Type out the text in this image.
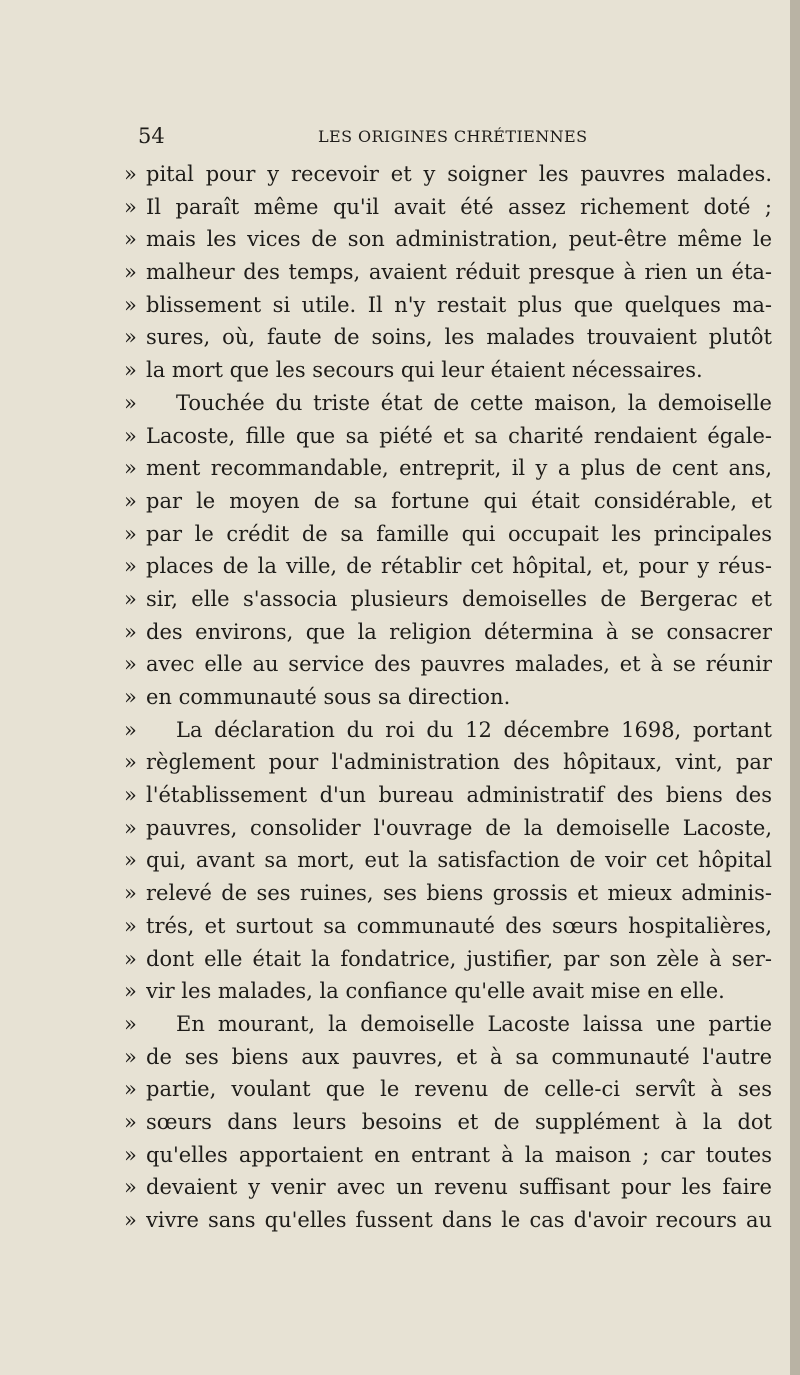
54	LES ORIGINES CHRÉTIENNES
» pital pour y recevoir et y soigner les pauvres malades.
» Il paraît même qu'il avait été assez richement doté ;
» mais les vices de son administration, peut-être même le
» malheur des temps, avaient réduit presque à rien un éta-
» blissement si utile. Il n'y restait plus que quelques ma-
» sures, où, faute de soins, les malades trouvaient plutôt
» la mort que les secours qui leur étaient nécessaires.
»	Touchée du triste état de cette maison, la demoiselle
» Lacoste, fille que sa piété et sa charité rendaient égale-
» ment recommandable, entreprit, il y a plus de cent ans,
» par le moyen de sa fortune qui était considérable, et
» par le crédit de sa famille qui occupait les principales
» places de la ville, de rétablir cet hôpital, et, pour y réus-
» sir, elle s'associa plusieurs demoiselles de Bergerac et
» des environs, que la religion détermina à se consacrer
» avec elle au service des pauvres malades, et à se réunir
» en communauté sous sa direction.
»	La déclaration du roi du 12 décembre 1698, portant
» règlement pour l'administration des hôpitaux, vint, par
» l'établissement d'un bureau administratif des biens des
» pauvres, consolider l'ouvrage de la demoiselle Lacoste,
» qui, avant sa mort, eut la satisfaction de voir cet hôpital
» relevé de ses ruines, ses biens grossis et mieux adminis-
» trés, et surtout sa communauté des sœurs hospitalières,
» dont elle était la fondatrice, justifier, par son zèle à ser-
» vir les malades, la confiance qu'elle avait mise en elle.
»	En mourant, la demoiselle Lacoste laissa une partie
» de ses biens aux pauvres, et à sa communauté l'autre
» partie, voulant que le revenu de celle-ci servît à ses
» sœurs dans leurs besoins et de supplément à la dot
» qu'elles apportaient en entrant à la maison ; car toutes
» devaient y venir avec un revenu suffisant pour les faire
» vivre sans qu'elles fussent dans le cas d'avoir recours au
